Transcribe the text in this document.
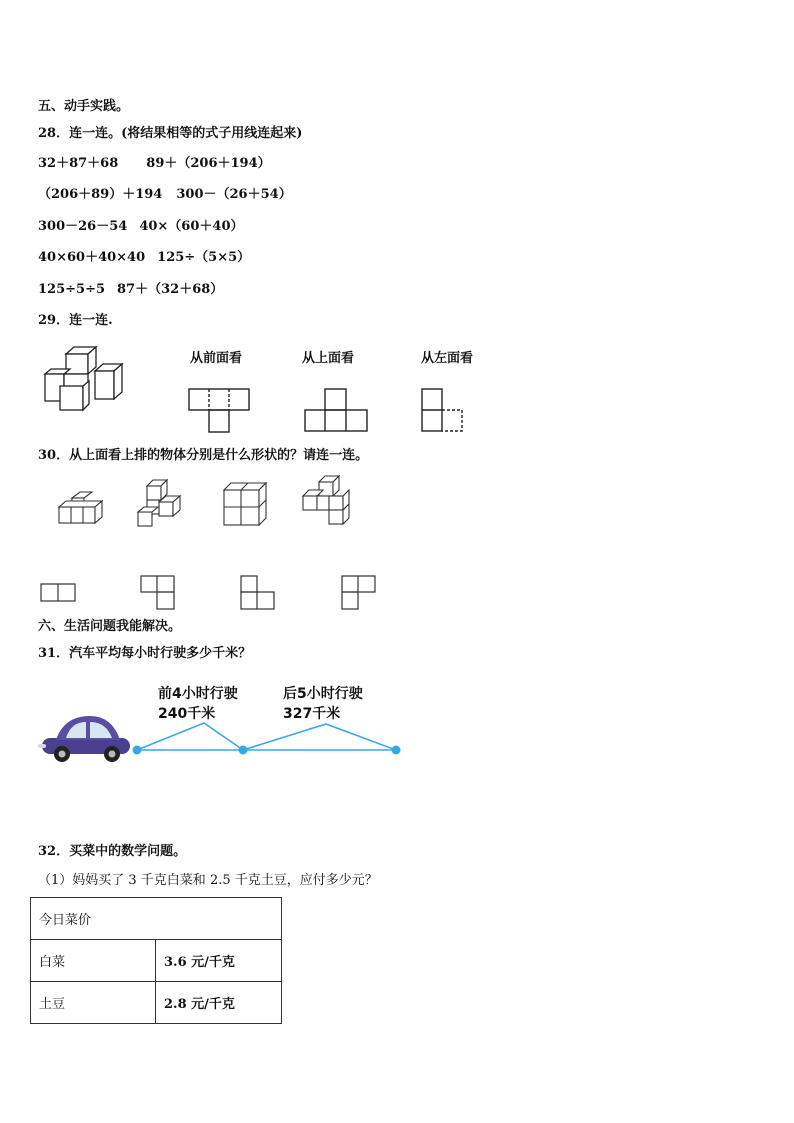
五、动手实践。
28．连一连。(将结果相等的式子用线连起来)
32＋87＋68 89＋（206＋194）
（206＋89）＋194 300－（26＋54）
300－26－54 40×（60＋40）
40×60＋40×40 125÷（5×5）
125÷5÷5 87＋（32＋68）
29．连一连.
从前面看	从上面看	从左面看
30．从上面看上排的物体分别是什么形状的？请连一连。
六、生活问题我能解决。
31．汽车平均每小时行驶多少千米？
前4小时行驶
240千米
后5小时行驶
327千米
32．买菜中的数学问题。
（1）妈妈买了 3 千克白菜和 2.5 千克土豆，应付多少元？
今日菜价	
白菜	3.6 元/千克
土豆	2.8 元/千克
